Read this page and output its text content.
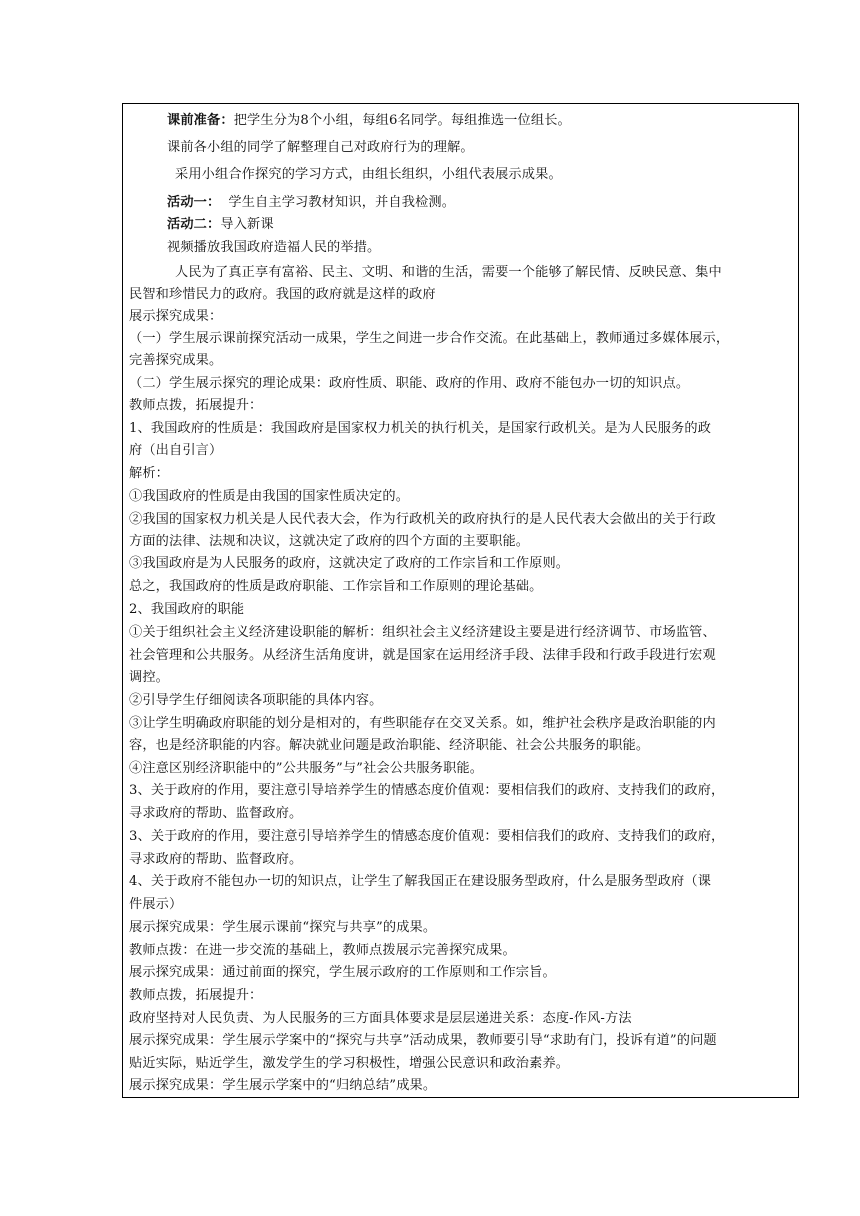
课前准备：把学生分为8个小组，每组6名同学。每组推选一位组长。
课前各小组的同学了解整理自己对政府行为的理解。
采用小组合作探究的学习方式，由组长组织，小组代表展示成果。
活动一： 学生自主学习教材知识，并自我检测。
活动二：导入新课
视频播放我国政府造福人民的举措。
人民为了真正享有富裕、民主、文明、和谐的生活，需要一个能够了解民情、反映民意、集中
民智和珍惜民力的政府。我国的政府就是这样的政府
展示探究成果：
（一）学生展示课前探究活动一成果，学生之间进一步合作交流。在此基础上，教师通过多媒体展示，
完善探究成果。
（二）学生展示探究的理论成果：政府性质、职能、政府的作用、政府不能包办一切的知识点。
教师点拨，拓展提升：
1、我国政府的性质是：我国政府是国家权力机关的执行机关，是国家行政机关。是为人民服务的政
府（出自引言）
解析：
①我国政府的性质是由我国的国家性质决定的。
②我国的国家权力机关是人民代表大会，作为行政机关的政府执行的是人民代表大会做出的关于行政
方面的法律、法规和决议，这就决定了政府的四个方面的主要职能。
③我国政府是为人民服务的政府，这就决定了政府的工作宗旨和工作原则。
总之，我国政府的性质是政府职能、工作宗旨和工作原则的理论基础。
2、我国政府的职能
①关于组织社会主义经济建设职能的解析：组织社会主义经济建设主要是进行经济调节、市场监管、
社会管理和公共服务。从经济生活角度讲，就是国家在运用经济手段、法律手段和行政手段进行宏观
调控。
②引导学生仔细阅读各项职能的具体内容。
③让学生明确政府职能的划分是相对的，有些职能存在交叉关系。如，维护社会秩序是政治职能的内
容，也是经济职能的内容。解决就业问题是政治职能、经济职能、社会公共服务的职能。
④注意区别经济职能中的”公共服务”与”社会公共服务职能。
3、关于政府的作用，要注意引导培养学生的情感态度价值观：要相信我们的政府、支持我们的政府，
寻求政府的帮助、监督政府。
3、关于政府的作用，要注意引导培养学生的情感态度价值观：要相信我们的政府、支持我们的政府，
寻求政府的帮助、监督政府。
4、关于政府不能包办一切的知识点，让学生了解我国正在建设服务型政府，什么是服务型政府（课
件展示）
展示探究成果：学生展示课前“探究与共享”的成果。
教师点拨：在进一步交流的基础上，教师点拨展示完善探究成果。
展示探究成果：通过前面的探究，学生展示政府的工作原则和工作宗旨。
教师点拨，拓展提升：
政府坚持对人民负责、为人民服务的三方面具体要求是层层递进关系：态度-作风-方法
展示探究成果：学生展示学案中的“探究与共享”活动成果，教师要引导“求助有门，投诉有道”的问题
贴近实际，贴近学生，激发学生的学习积极性，增强公民意识和政治素养。
展示探究成果：学生展示学案中的“归纳总结”成果。
